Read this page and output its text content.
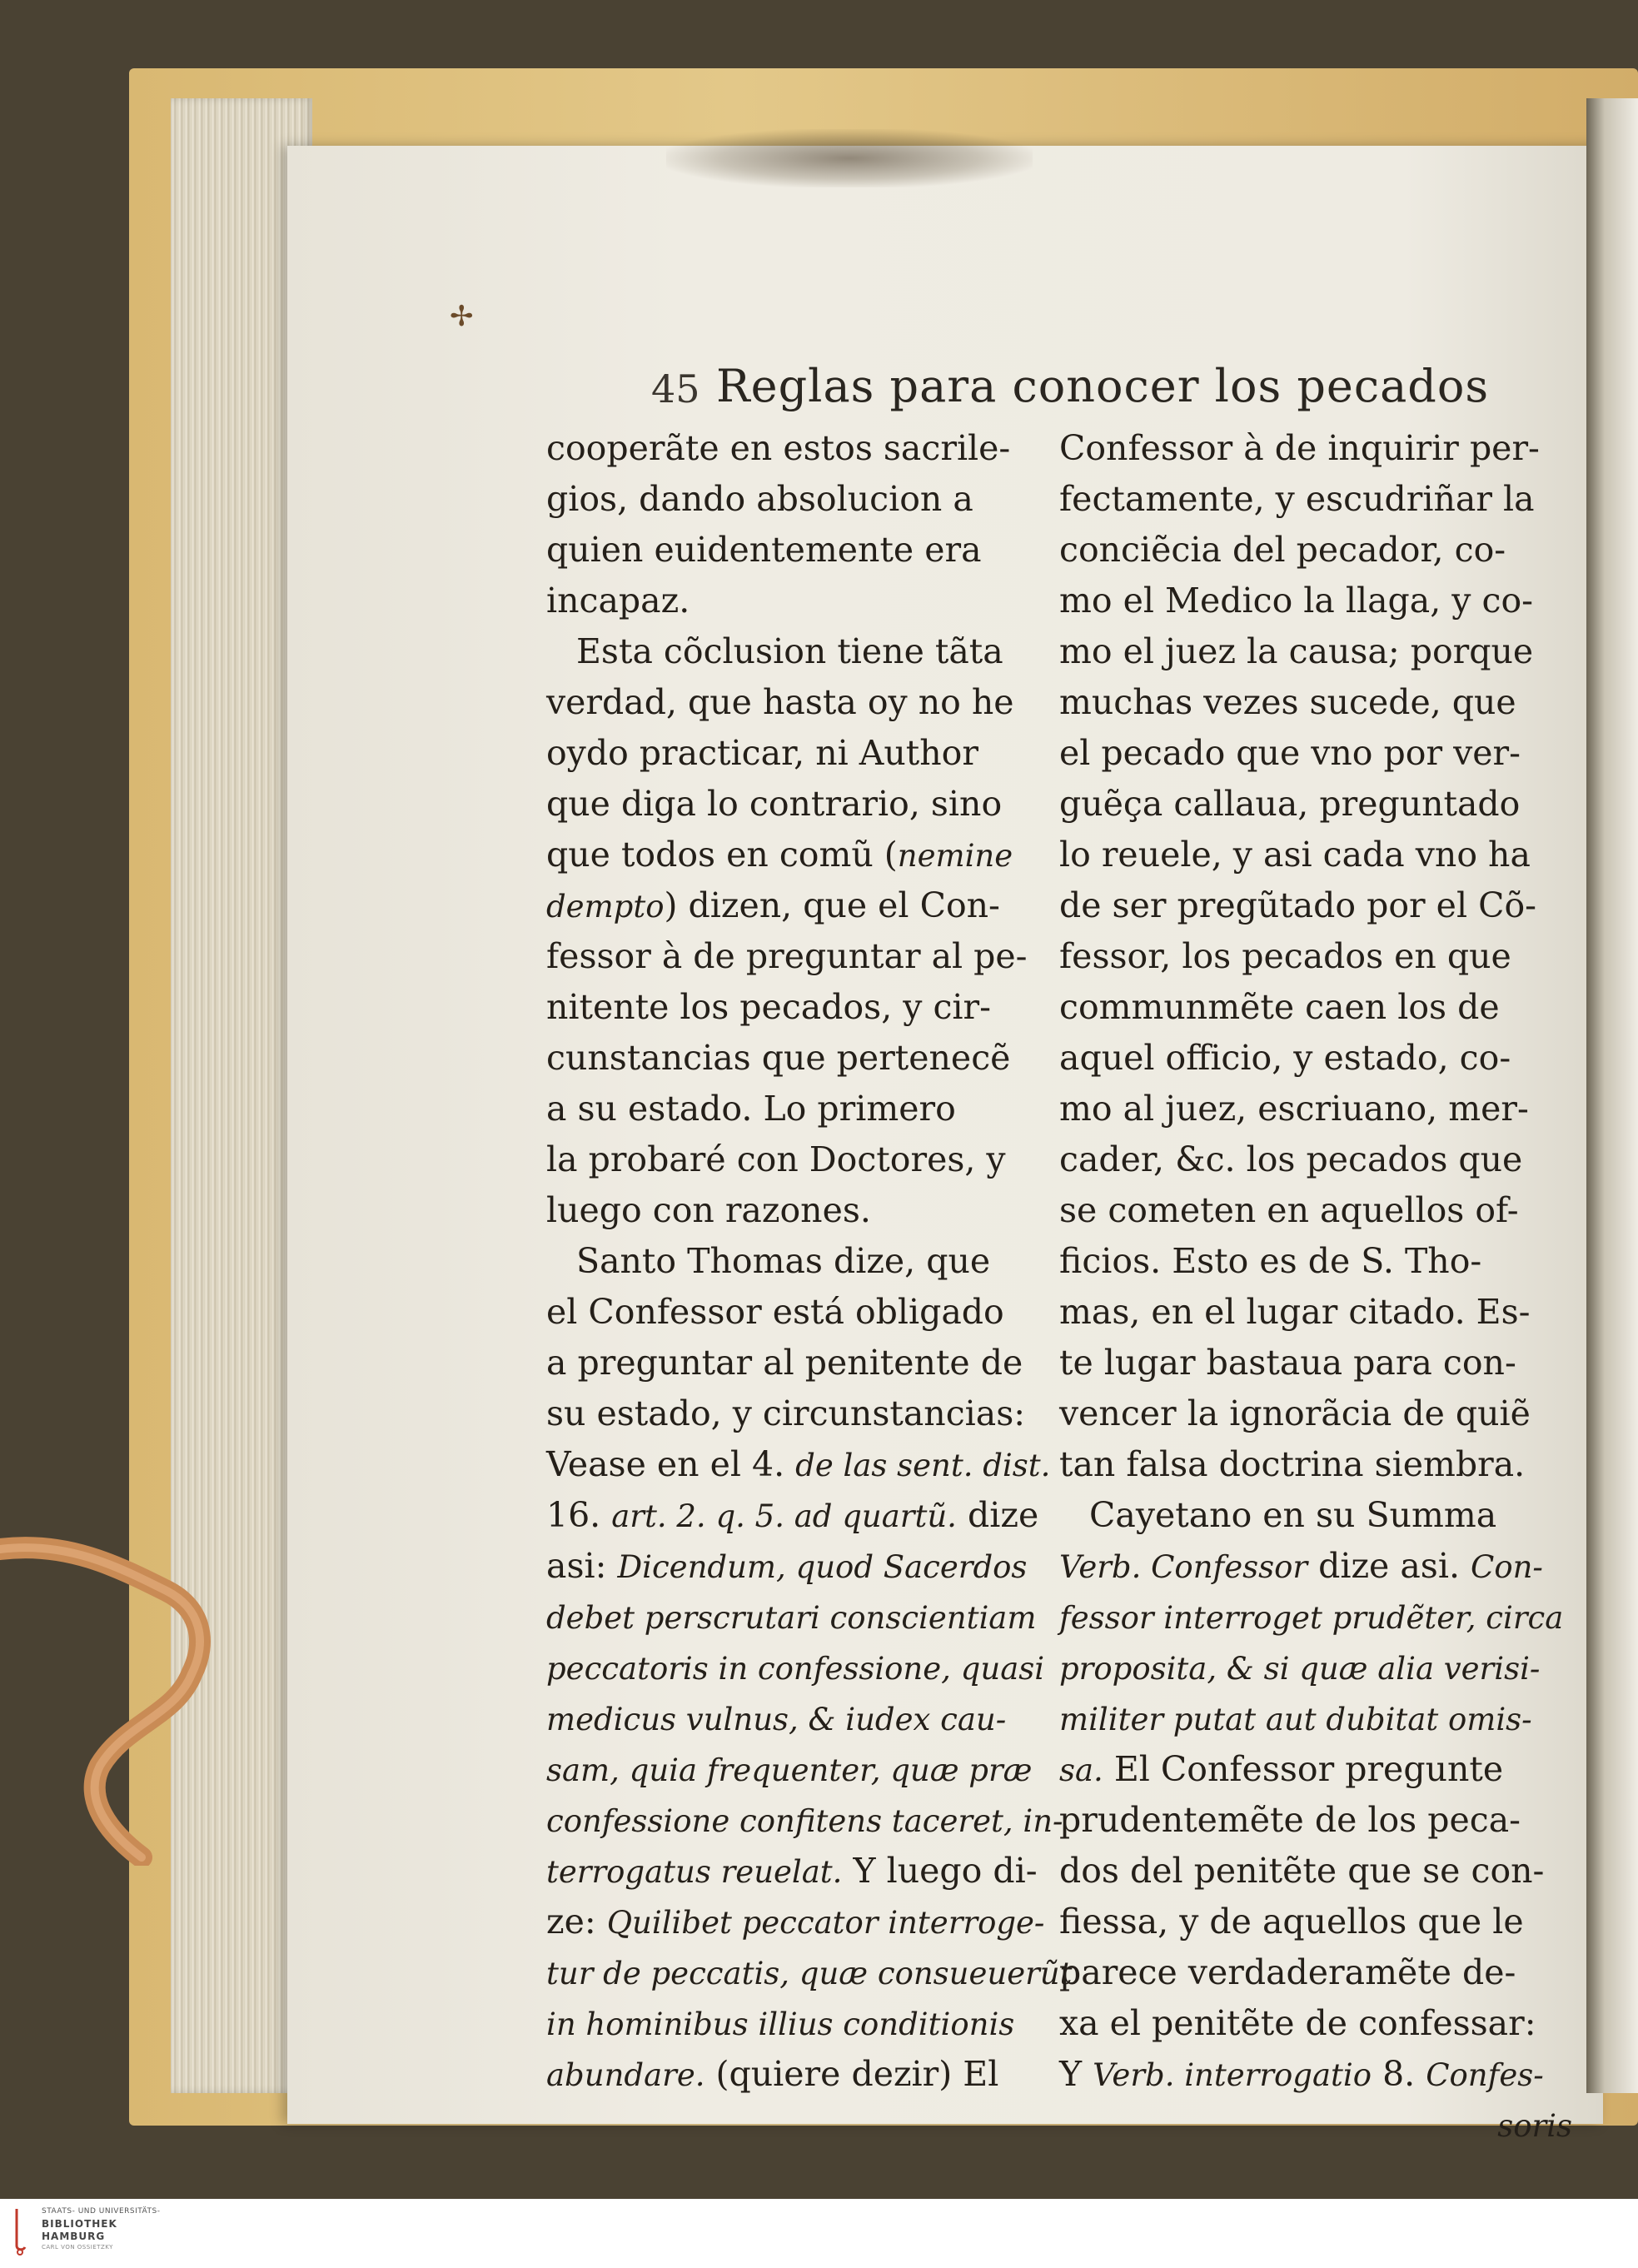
✢
45 Reglas para conocer los pecados
cooperãte en estos sacrile-
gios, dando absolucion a
quien euidentemente era
incapaz.
Esta cõclusion tiene tãta
verdad, que hasta oy no he
oydo practicar, ni Author
que diga lo contrario, sino
que todos en comũ (nemine
dempto) dizen, que el Con-
fessor à de preguntar al pe-
nitente los pecados, y cir-
cunstancias que pertenecẽ
a su estado. Lo primero
la probaré con Doctores, y
luego con razones.
Santo Thomas dize, que
el Confessor está obligado
a preguntar al penitente de
su estado, y circunstancias:
Vease en el 4. de las sent. dist.
16. art. 2. q. 5. ad quartũ. dize
asi: Dicendum, quod Sacerdos
debet perscrutari conscientiam
peccatoris in confessione, quasi
medicus vulnus, & iudex cau-
sam, quia frequenter, quæ præ
confessione confitens taceret, in-
terrogatus reuelat. Y luego di-
ze: Quilibet peccator interroge-
tur de peccatis, quæ consueuerũt
in hominibus illius conditionis
abundare. (quiere dezir) El
Confessor à de inquirir per-
fectamente, y escudriñar la
conciẽcia del pecador, co-
mo el Medico la llaga, y co-
mo el juez la causa; porque
muchas vezes sucede, que
el pecado que vno por ver-
guẽça callaua, preguntado
lo reuele, y asi cada vno ha
de ser pregũtado por el Cõ-
fessor, los pecados en que
communmẽte caen los de
aquel officio, y estado, co-
mo al juez, escriuano, mer-
cader, &c. los pecados que
se cometen en aquellos of-
ficios. Esto es de S. Tho-
mas, en el lugar citado. Es-
te lugar bastaua para con-
vencer la ignorãcia de quiẽ
tan falsa doctrina siembra.
Cayetano en su Summa
Verb. Confessor dize asi. Con-
fessor interroget prudẽter, circa
proposita, & si quæ alia verisi-
militer putat aut dubitat omis-
sa. El Confessor pregunte
prudentemẽte de los peca-
dos del penitẽte que se con-
fiessa, y de aquellos que le
parece verdaderamẽte de-
xa el penitẽte de confessar:
Y Verb. interrogatio 8. Confes-
soris
STAATS- UND UNIVERSITÄTS-
BIBLIOTHEK
HAMBURG
CARL VON OSSIETZKY
